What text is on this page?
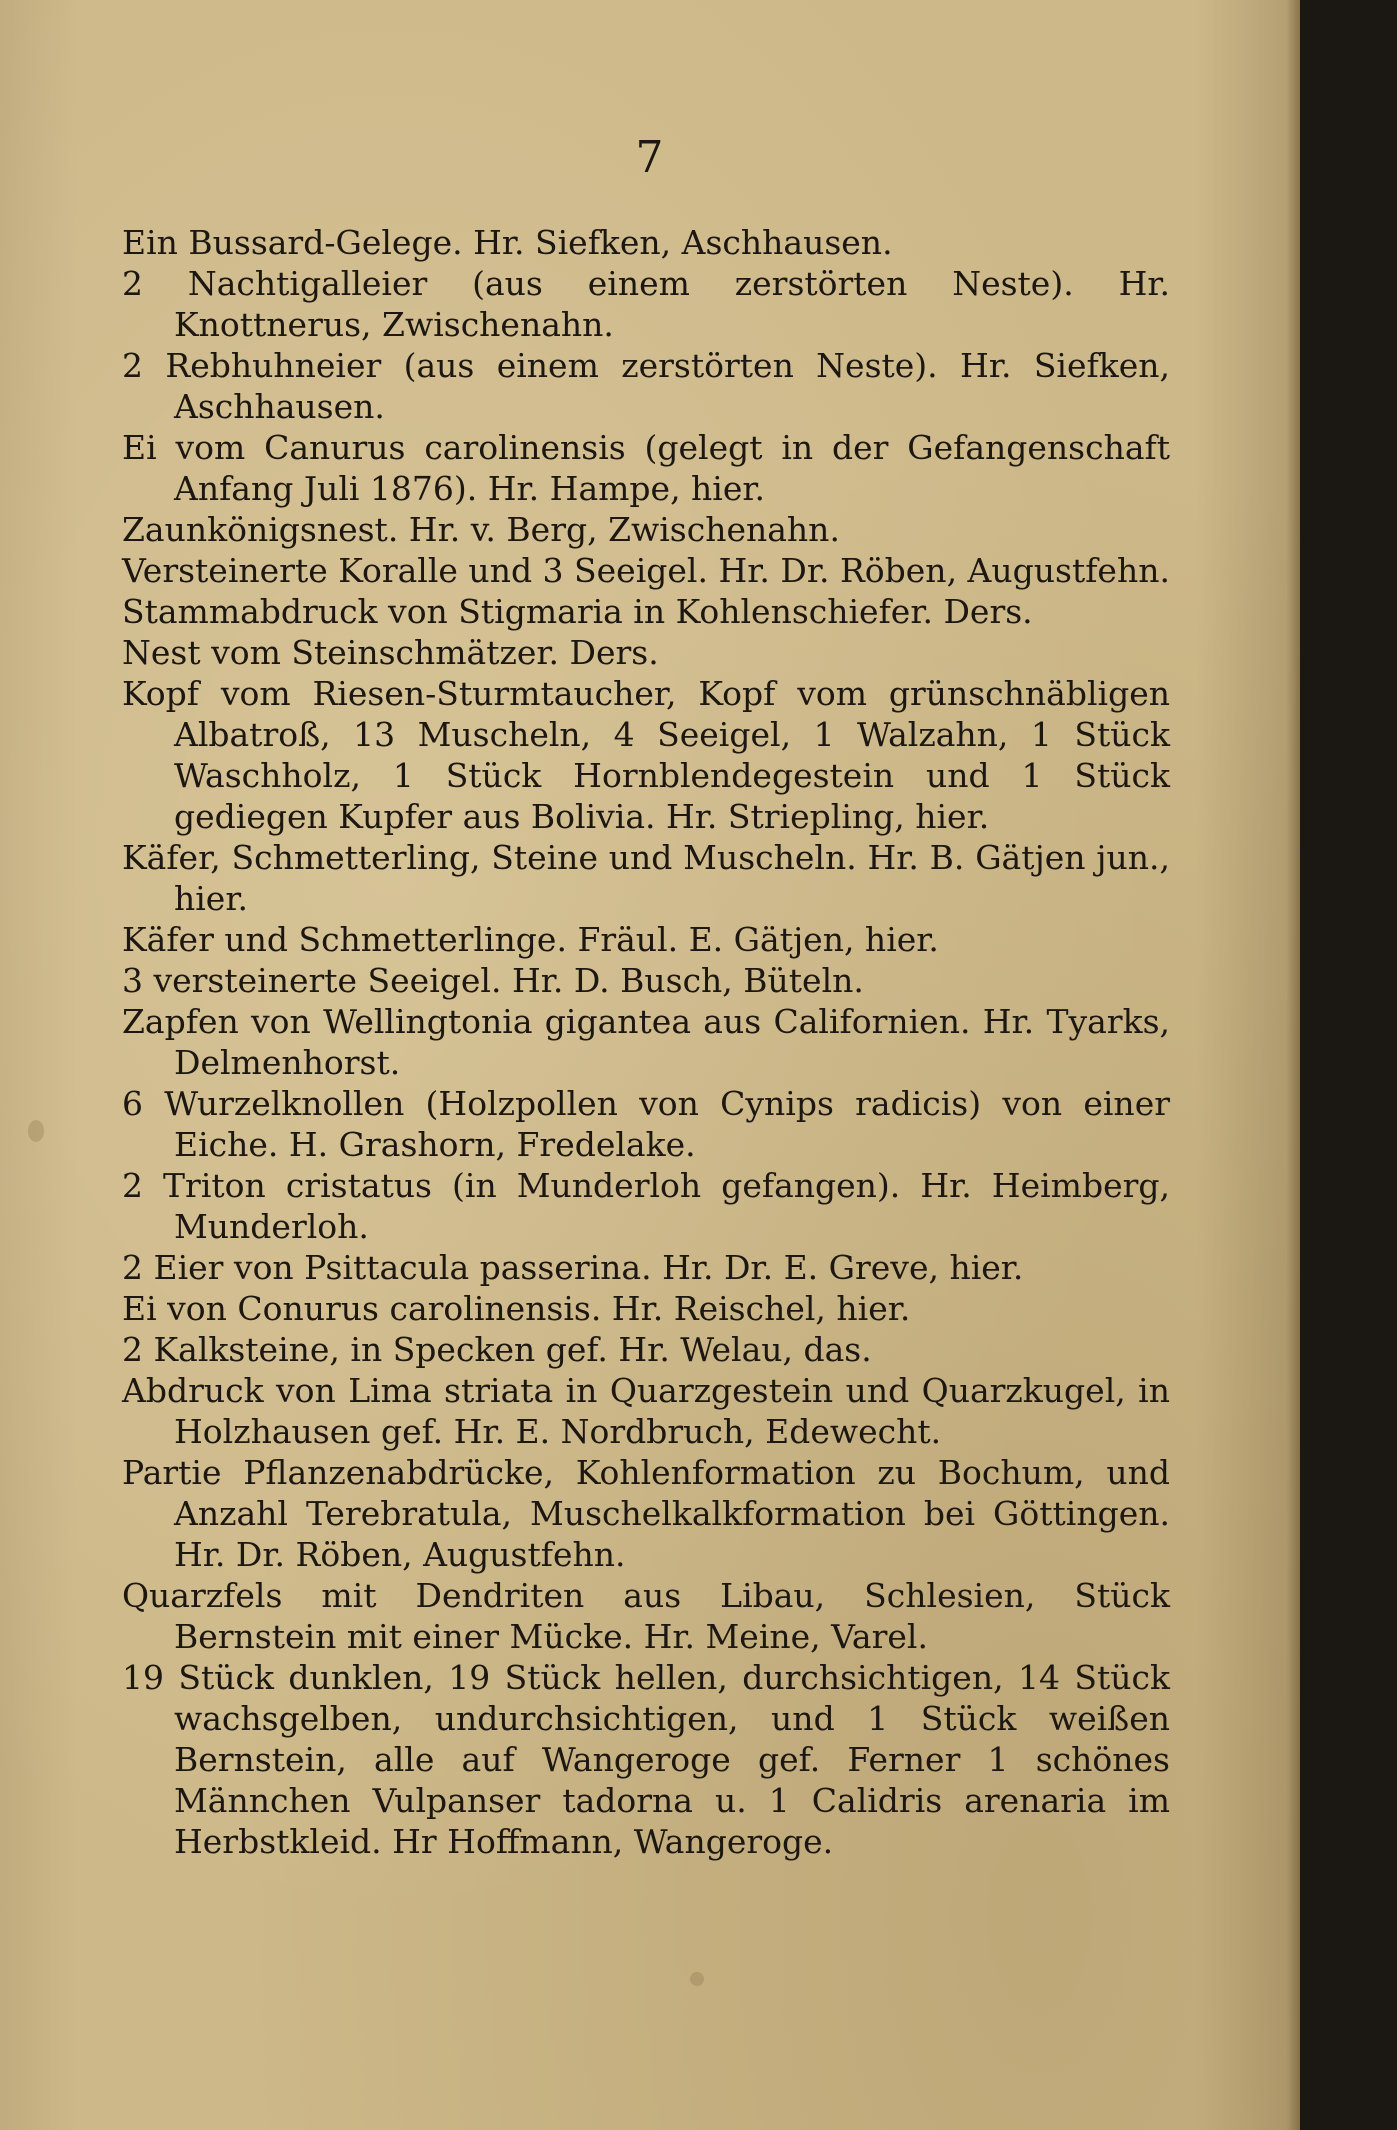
7

Ein Bussard-Gelege. Hr. Siefken, Aschhausen.

2 Nachtigalleier (aus einem zerstörten Neste). Hr. Knottnerus, Zwischenahn.

2 Rebhuhneier (aus einem zerstörten Neste). Hr. Siefken, Aschhausen.

Ei vom Canurus carolinensis (gelegt in der Gefangenschaft Anfang Juli 1876). Hr. Hampe, hier.

Zaunkönigsnest. Hr. v. Berg, Zwischenahn.

Versteinerte Koralle und 3 Seeigel. Hr. Dr. Röben, Augustfehn.

Stammabdruck von Stigmaria in Kohlenschiefer. Ders.

Nest vom Steinschmätzer. Ders.

Kopf vom Riesen-Sturmtaucher, Kopf vom grünschnäbligen Albatroß, 13 Muscheln, 4 Seeigel, 1 Walzahn, 1 Stück Waschholz, 1 Stück Hornblendegestein und 1 Stück gediegen Kupfer aus Bolivia. Hr. Striepling, hier.

Käfer, Schmetterling, Steine und Muscheln. Hr. B. Gätjen jun., hier.

Käfer und Schmetterlinge. Fräul. E. Gätjen, hier.

3 versteinerte Seeigel. Hr. D. Busch, Büteln.

Zapfen von Wellingtonia gigantea aus Californien. Hr. Tyarks, Delmenhorst.

6 Wurzelknollen (Holzpollen von Cynips radicis) von einer Eiche. H. Grashorn, Fredelake.

2 Triton cristatus (in Munderloh gefangen). Hr. Heimberg, Munderloh.

2 Eier von Psittacula passerina. Hr. Dr. E. Greve, hier.

Ei von Conurus carolinensis. Hr. Reischel, hier.

2 Kalksteine, in Specken gef. Hr. Welau, das.

Abdruck von Lima striata in Quarzgestein und Quarzkugel, in Holzhausen gef. Hr. E. Nordbruch, Edewecht.

Partie Pflanzenabdrücke, Kohlenformation zu Bochum, und Anzahl Terebratula, Muschelkalkformation bei Göttingen. Hr. Dr. Röben, Augustfehn.

Quarzfels mit Dendriten aus Libau, Schlesien, Stück Bernstein mit einer Mücke. Hr. Meine, Varel.

19 Stück dunklen, 19 Stück hellen, durchsichtigen, 14 Stück wachsgelben, undurchsichtigen, und 1 Stück weißen Bernstein, alle auf Wangeroge gef. Ferner 1 schönes Männchen Vulpanser tadorna u. 1 Calidris arenaria im Herbstkleid. Hr Hoffmann, Wangeroge.
